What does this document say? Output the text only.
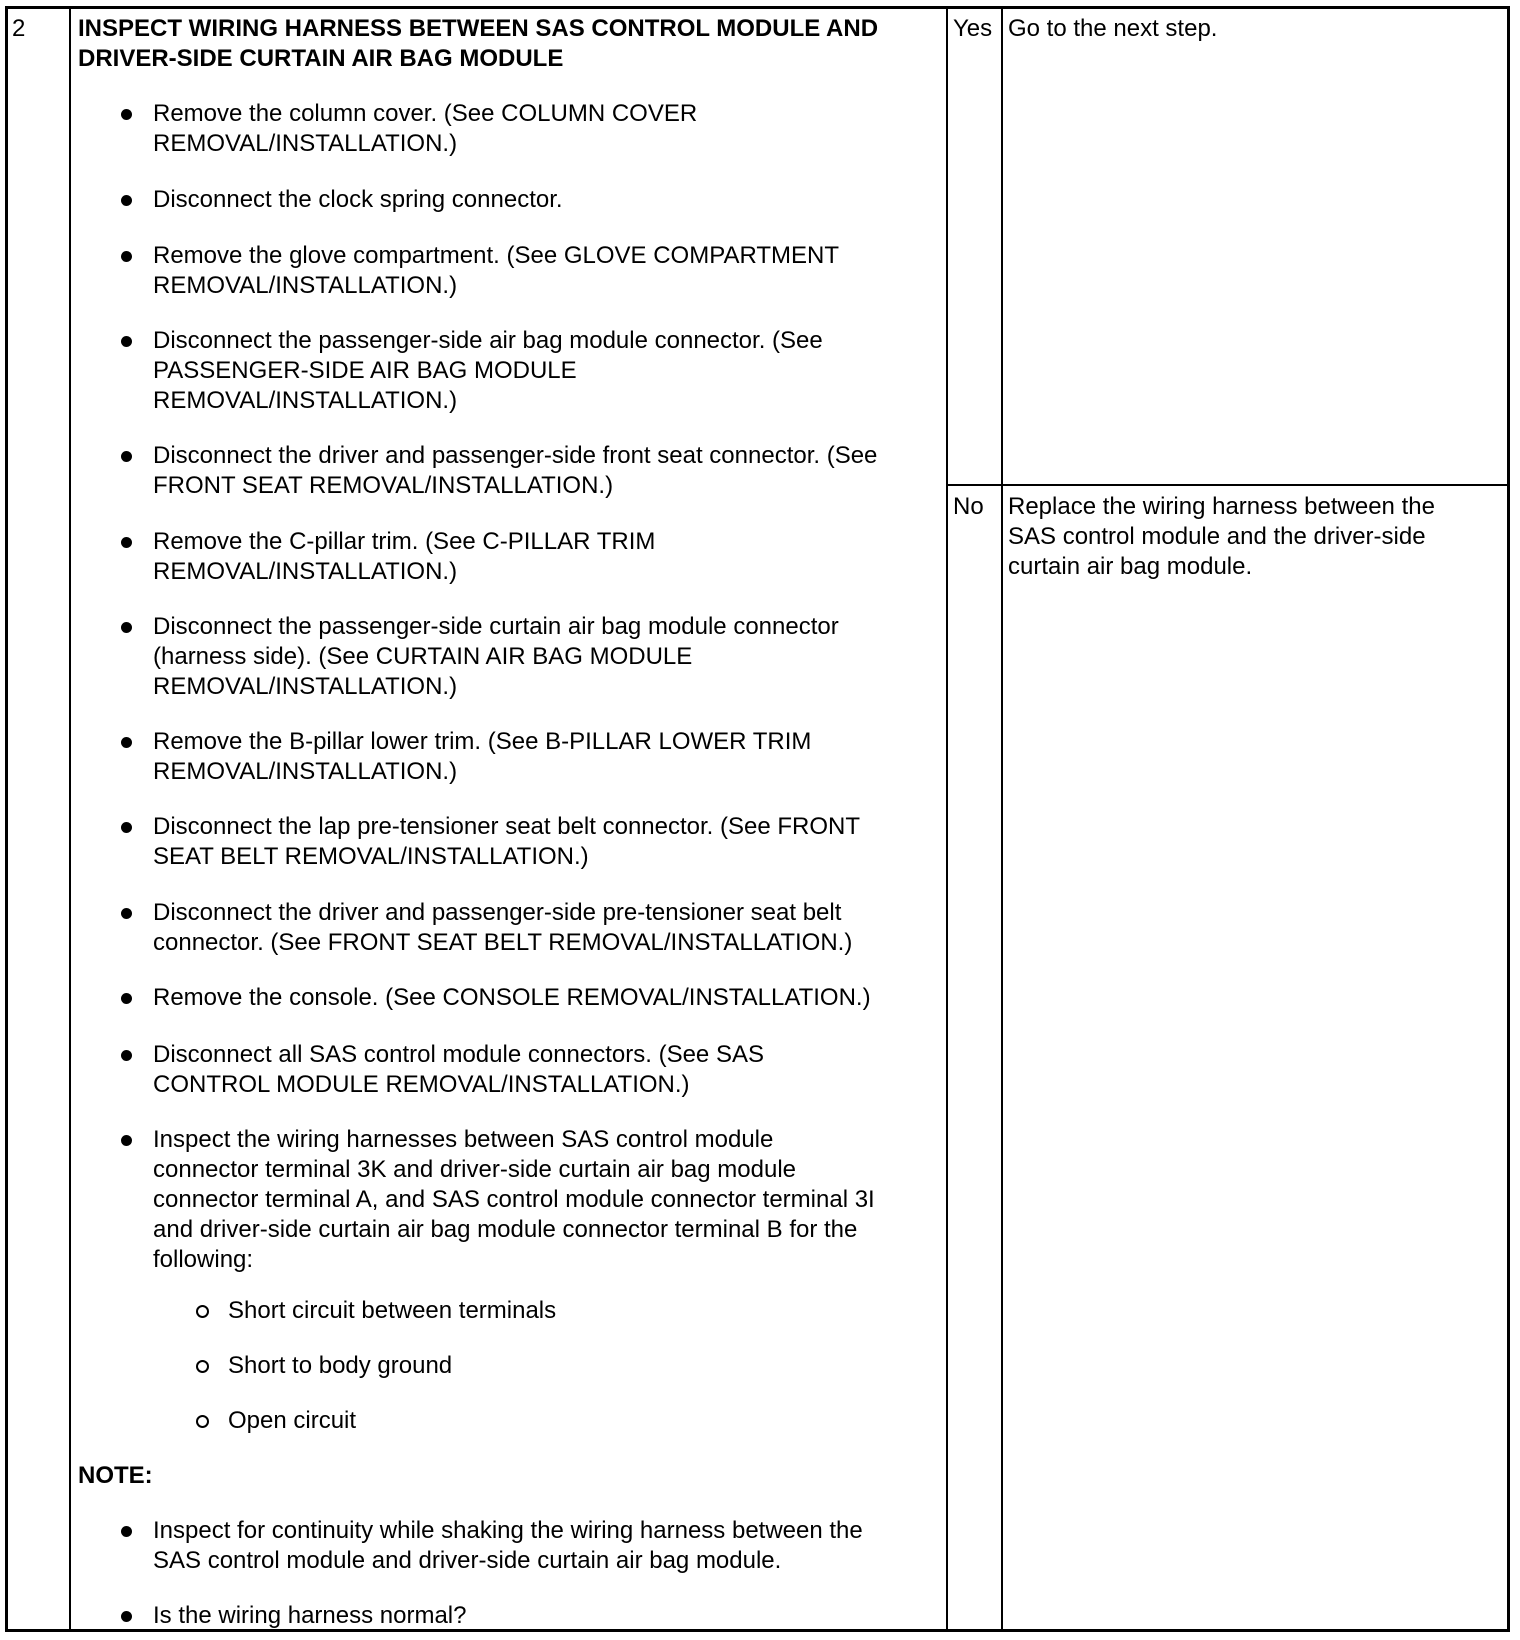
2 INSPECT WIRING HARNESS BETWEEN SAS CONTROL MODULE AND
DRIVER-SIDE CURTAIN AIR BAG MODULE
Remove the column cover. (See COLUMN COVER
REMOVAL/INSTALLATION.)
Disconnect the clock spring connector.
Remove the glove compartment. (See GLOVE COMPARTMENT
REMOVAL/INSTALLATION.)
Disconnect the passenger-side air bag module connector. (See
PASSENGER-SIDE AIR BAG MODULE
REMOVAL/INSTALLATION.)
Disconnect the driver and passenger-side front seat connector. (See
FRONT SEAT REMOVAL/INSTALLATION.)
Remove the C-pillar trim. (See C-PILLAR TRIM
REMOVAL/INSTALLATION.)
Disconnect the passenger-side curtain air bag module connector
(harness side). (See CURTAIN AIR BAG MODULE
REMOVAL/INSTALLATION.)
Remove the B-pillar lower trim. (See B-PILLAR LOWER TRIM
REMOVAL/INSTALLATION.)
Disconnect the lap pre-tensioner seat belt connector. (See FRONT
SEAT BELT REMOVAL/INSTALLATION.)
Disconnect the driver and passenger-side pre-tensioner seat belt
connector. (See FRONT SEAT BELT REMOVAL/INSTALLATION.)
Remove the console. (See CONSOLE REMOVAL/INSTALLATION.)
Disconnect all SAS control module connectors. (See SAS
CONTROL MODULE REMOVAL/INSTALLATION.)
Inspect the wiring harnesses between SAS control module
connector terminal 3K and driver-side curtain air bag module
connector terminal A, and SAS control module connector terminal 3I
and driver-side curtain air bag module connector terminal B for the
following:
Short circuit between terminals
Short to body ground
Open circuit
NOTE:
Inspect for continuity while shaking the wiring harness between the
SAS control module and driver-side curtain air bag module.
Is the wiring harness normal?
Yes Go to the next step.
No Replace the wiring harness between the
SAS control module and the driver-side
curtain air bag module.
